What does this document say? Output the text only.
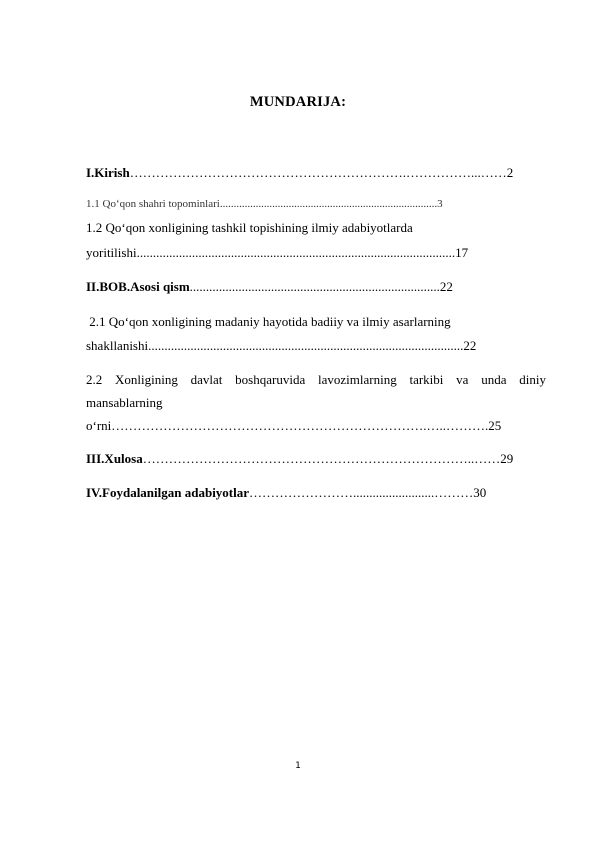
MUNDARIJA:
I.Kirish……………………………………………………….……………...……2
1.1 Qo‘qon shahri topominlari...............................................................................3
1.2 Qo‘qon xonligining tashkil topishining ilmiy adabiyotlarda
yoritilishi..................................................................................................17
II.BOB.Asosi qism.............................................................................22
2.1 Qo‘qon xonligining madaniy hayotida badiiy va ilmiy asarlarning
shakllanishi.................................................................................................22
2.2 Xonligining davlat boshqaruvida lavozimlarning tarkibi va unda diniy mansablarning o‘rni……………………………………………………………….…..……….25
III.Xulosa…………………………………………………………………..……29
IV.Foydalanilgan adabiyotlar…………………….........................………30
1
